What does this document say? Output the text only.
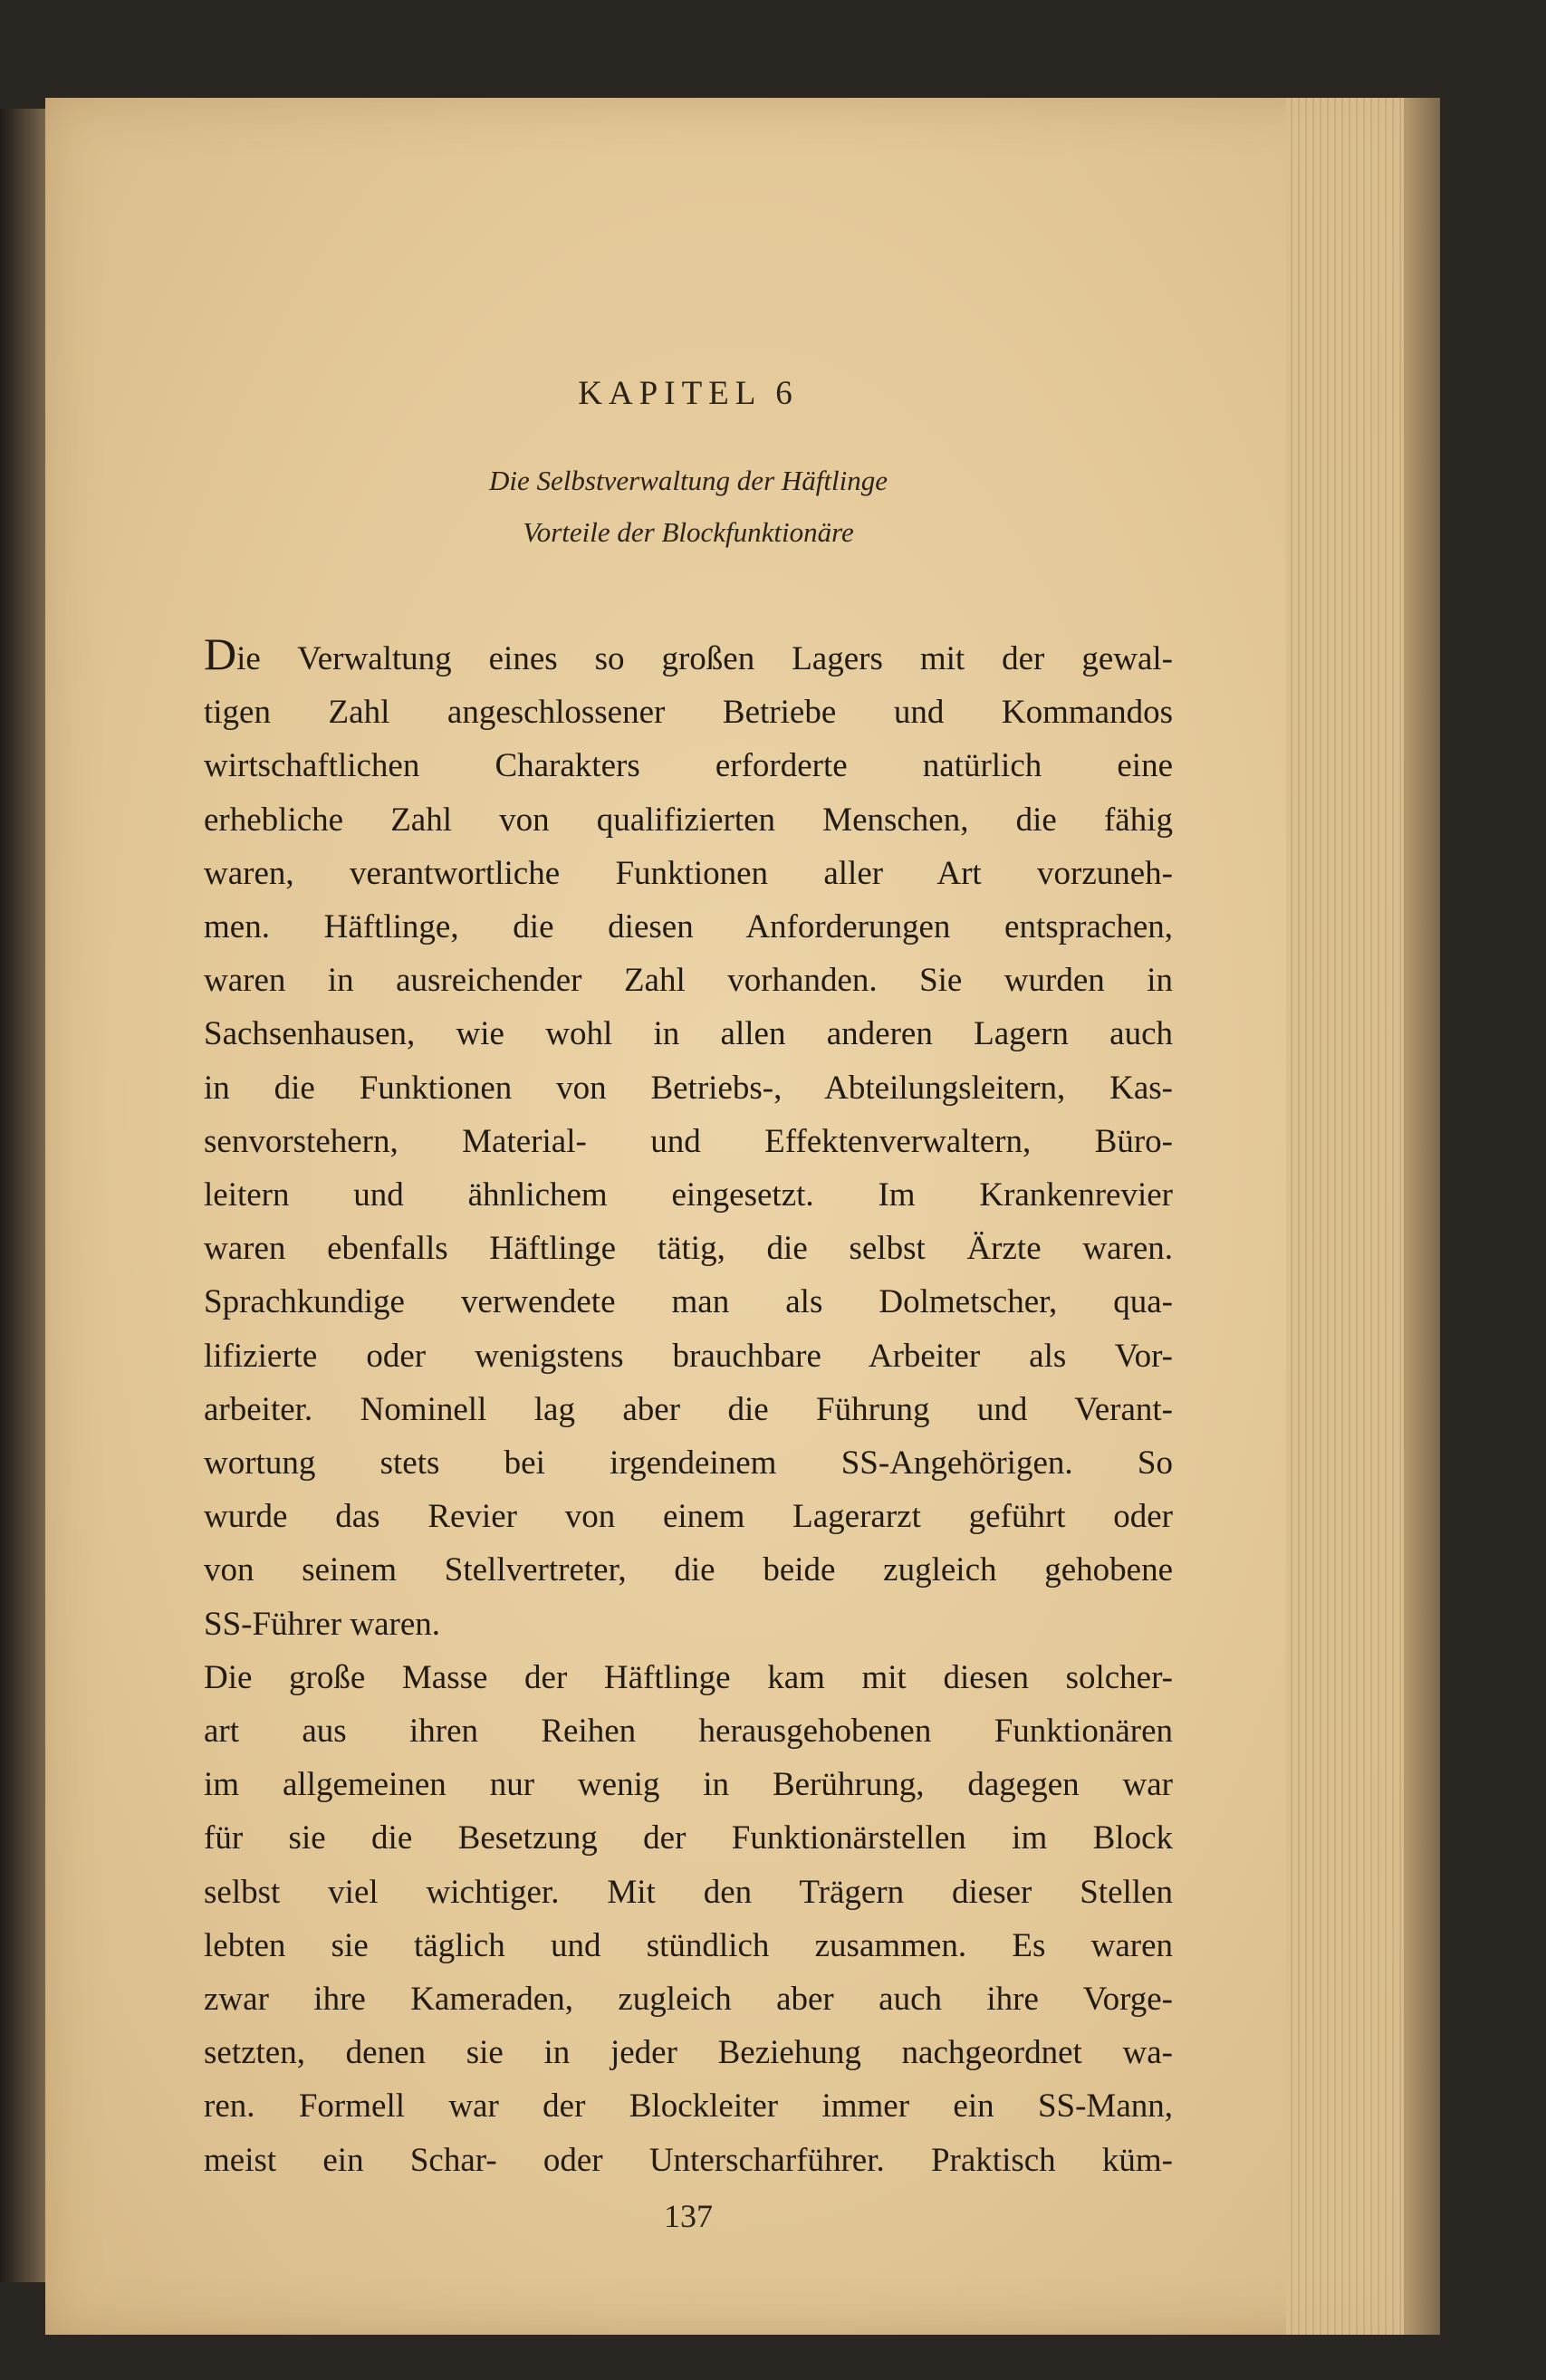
KAPITEL 6
Die Selbstverwaltung der Häftlinge
Vorteile der Blockfunktionäre
Die Verwaltung eines so großen Lagers mit der gewal-
tigen Zahl angeschlossener Betriebe und Kommandos
wirtschaftlichen Charakters erforderte natürlich eine
erhebliche Zahl von qualifizierten Menschen, die fähig
waren, verantwortliche Funktionen aller Art vorzuneh-
men. Häftlinge, die diesen Anforderungen entsprachen,
waren in ausreichender Zahl vorhanden. Sie wurden in
Sachsenhausen, wie wohl in allen anderen Lagern auch
in die Funktionen von Betriebs-, Abteilungsleitern, Kas-
senvorstehern, Material- und Effektenverwaltern, Büro-
leitern und ähnlichem eingesetzt. Im Krankenrevier
waren ebenfalls Häftlinge tätig, die selbst Ärzte waren.
Sprachkundige verwendete man als Dolmetscher, qua-
lifizierte oder wenigstens brauchbare Arbeiter als Vor-
arbeiter. Nominell lag aber die Führung und Verant-
wortung stets bei irgendeinem SS-Angehörigen. So
wurde das Revier von einem Lagerarzt geführt oder
von seinem Stellvertreter, die beide zugleich gehobene
SS-Führer waren.
Die große Masse der Häftlinge kam mit diesen solcher-
art aus ihren Reihen herausgehobenen Funktionären
im allgemeinen nur wenig in Berührung, dagegen war
für sie die Besetzung der Funktionärstellen im Block
selbst viel wichtiger. Mit den Trägern dieser Stellen
lebten sie täglich und stündlich zusammen. Es waren
zwar ihre Kameraden, zugleich aber auch ihre Vorge-
setzten, denen sie in jeder Beziehung nachgeordnet wa-
ren. Formell war der Blockleiter immer ein SS-Mann,
meist ein Schar- oder Unterscharführer. Praktisch küm-
137
